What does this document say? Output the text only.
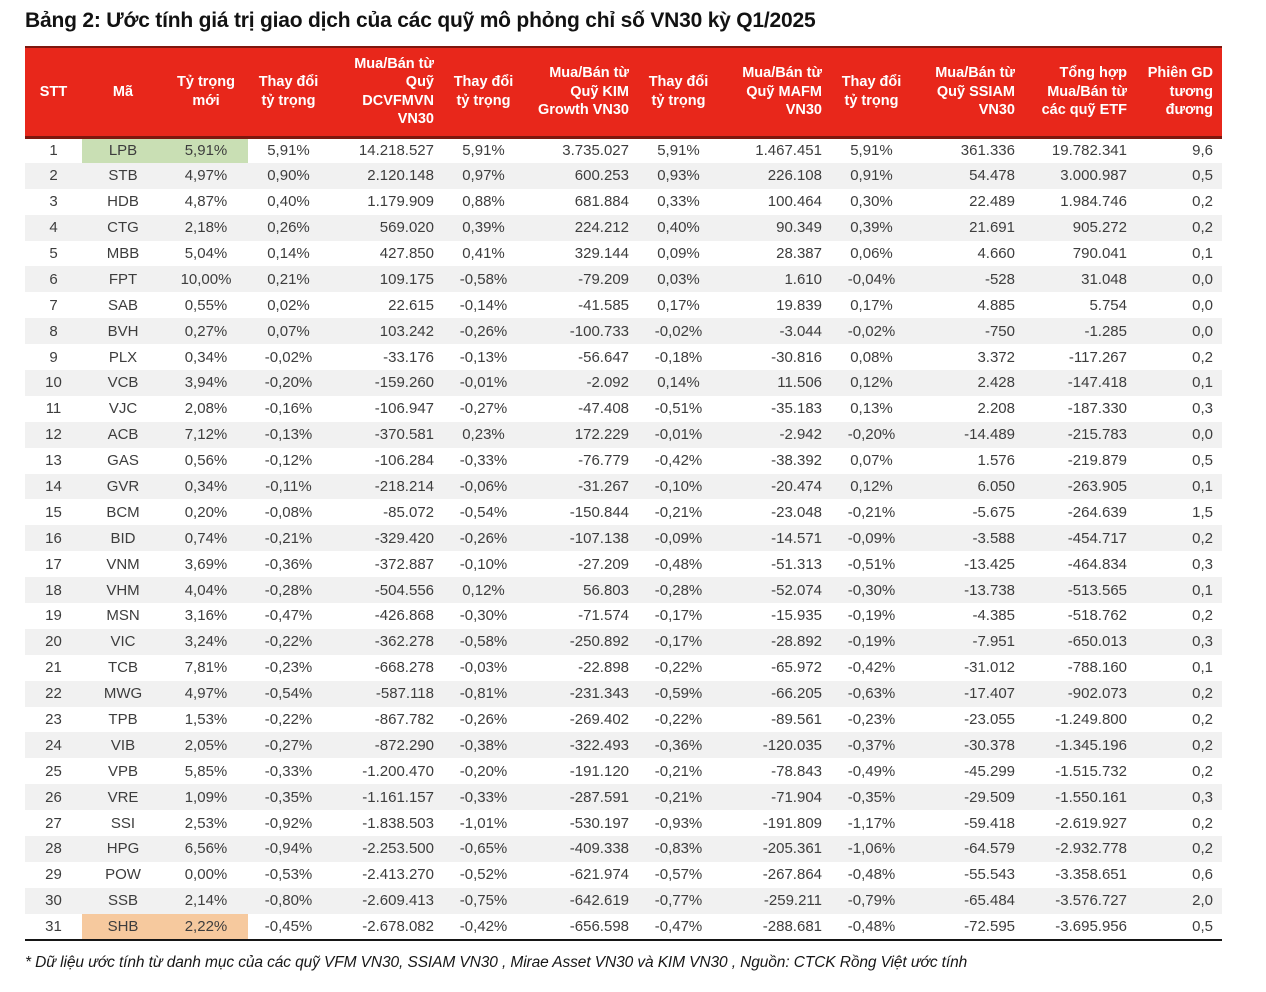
Bảng 2: Ước tính giá trị giao dịch của các quỹ mô phỏng chỉ số VN30 kỳ Q1/2025
STT	Mã	Tỷ trọng mới	Thay đổi tỷ trọng	Mua/Bán từ Quỹ DCVFMVN VN30	Thay đổi tỷ trọng	Mua/Bán từ Quỹ KIM Growth VN30	Thay đổi tỷ trọng	Mua/Bán từ Quỹ MAFM VN30	Thay đổi tỷ trọng	Mua/Bán từ Quỹ SSIAM VN30	Tổng hợp Mua/Bán từ các quỹ ETF	Phiên GD tương đương
1	LPB	5,91%	5,91%	14.218.527	5,91%	3.735.027	5,91%	1.467.451	5,91%	361.336	19.782.341	9,6
2	STB	4,97%	0,90%	2.120.148	0,97%	600.253	0,93%	226.108	0,91%	54.478	3.000.987	0,5
3	HDB	4,87%	0,40%	1.179.909	0,88%	681.884	0,33%	100.464	0,30%	22.489	1.984.746	0,2
4	CTG	2,18%	0,26%	569.020	0,39%	224.212	0,40%	90.349	0,39%	21.691	905.272	0,2
5	MBB	5,04%	0,14%	427.850	0,41%	329.144	0,09%	28.387	0,06%	4.660	790.041	0,1
6	FPT	10,00%	0,21%	109.175	-0,58%	-79.209	0,03%	1.610	-0,04%	-528	31.048	0,0
7	SAB	0,55%	0,02%	22.615	-0,14%	-41.585	0,17%	19.839	0,17%	4.885	5.754	0,0
8	BVH	0,27%	0,07%	103.242	-0,26%	-100.733	-0,02%	-3.044	-0,02%	-750	-1.285	0,0
9	PLX	0,34%	-0,02%	-33.176	-0,13%	-56.647	-0,18%	-30.816	0,08%	3.372	-117.267	0,2
10	VCB	3,94%	-0,20%	-159.260	-0,01%	-2.092	0,14%	11.506	0,12%	2.428	-147.418	0,1
11	VJC	2,08%	-0,16%	-106.947	-0,27%	-47.408	-0,51%	-35.183	0,13%	2.208	-187.330	0,3
12	ACB	7,12%	-0,13%	-370.581	0,23%	172.229	-0,01%	-2.942	-0,20%	-14.489	-215.783	0,0
13	GAS	0,56%	-0,12%	-106.284	-0,33%	-76.779	-0,42%	-38.392	0,07%	1.576	-219.879	0,5
14	GVR	0,34%	-0,11%	-218.214	-0,06%	-31.267	-0,10%	-20.474	0,12%	6.050	-263.905	0,1
15	BCM	0,20%	-0,08%	-85.072	-0,54%	-150.844	-0,21%	-23.048	-0,21%	-5.675	-264.639	1,5
16	BID	0,74%	-0,21%	-329.420	-0,26%	-107.138	-0,09%	-14.571	-0,09%	-3.588	-454.717	0,2
17	VNM	3,69%	-0,36%	-372.887	-0,10%	-27.209	-0,48%	-51.313	-0,51%	-13.425	-464.834	0,3
18	VHM	4,04%	-0,28%	-504.556	0,12%	56.803	-0,28%	-52.074	-0,30%	-13.738	-513.565	0,1
19	MSN	3,16%	-0,47%	-426.868	-0,30%	-71.574	-0,17%	-15.935	-0,19%	-4.385	-518.762	0,2
20	VIC	3,24%	-0,22%	-362.278	-0,58%	-250.892	-0,17%	-28.892	-0,19%	-7.951	-650.013	0,3
21	TCB	7,81%	-0,23%	-668.278	-0,03%	-22.898	-0,22%	-65.972	-0,42%	-31.012	-788.160	0,1
22	MWG	4,97%	-0,54%	-587.118	-0,81%	-231.343	-0,59%	-66.205	-0,63%	-17.407	-902.073	0,2
23	TPB	1,53%	-0,22%	-867.782	-0,26%	-269.402	-0,22%	-89.561	-0,23%	-23.055	-1.249.800	0,2
24	VIB	2,05%	-0,27%	-872.290	-0,38%	-322.493	-0,36%	-120.035	-0,37%	-30.378	-1.345.196	0,2
25	VPB	5,85%	-0,33%	-1.200.470	-0,20%	-191.120	-0,21%	-78.843	-0,49%	-45.299	-1.515.732	0,2
26	VRE	1,09%	-0,35%	-1.161.157	-0,33%	-287.591	-0,21%	-71.904	-0,35%	-29.509	-1.550.161	0,3
27	SSI	2,53%	-0,92%	-1.838.503	-1,01%	-530.197	-0,93%	-191.809	-1,17%	-59.418	-2.619.927	0,2
28	HPG	6,56%	-0,94%	-2.253.500	-0,65%	-409.338	-0,83%	-205.361	-1,06%	-64.579	-2.932.778	0,2
29	POW	0,00%	-0,53%	-2.413.270	-0,52%	-621.974	-0,57%	-267.864	-0,48%	-55.543	-3.358.651	0,6
30	SSB	2,14%	-0,80%	-2.609.413	-0,75%	-642.619	-0,77%	-259.211	-0,79%	-65.484	-3.576.727	2,0
31	SHB	2,22%	-0,45%	-2.678.082	-0,42%	-656.598	-0,47%	-288.681	-0,48%	-72.595	-3.695.956	0,5
* Dữ liệu ước tính từ danh mục của các quỹ VFM VN30, SSIAM VN30 , Mirae Asset VN30 và KIM VN30 , Nguồn: CTCK Rồng Việt ước tính
